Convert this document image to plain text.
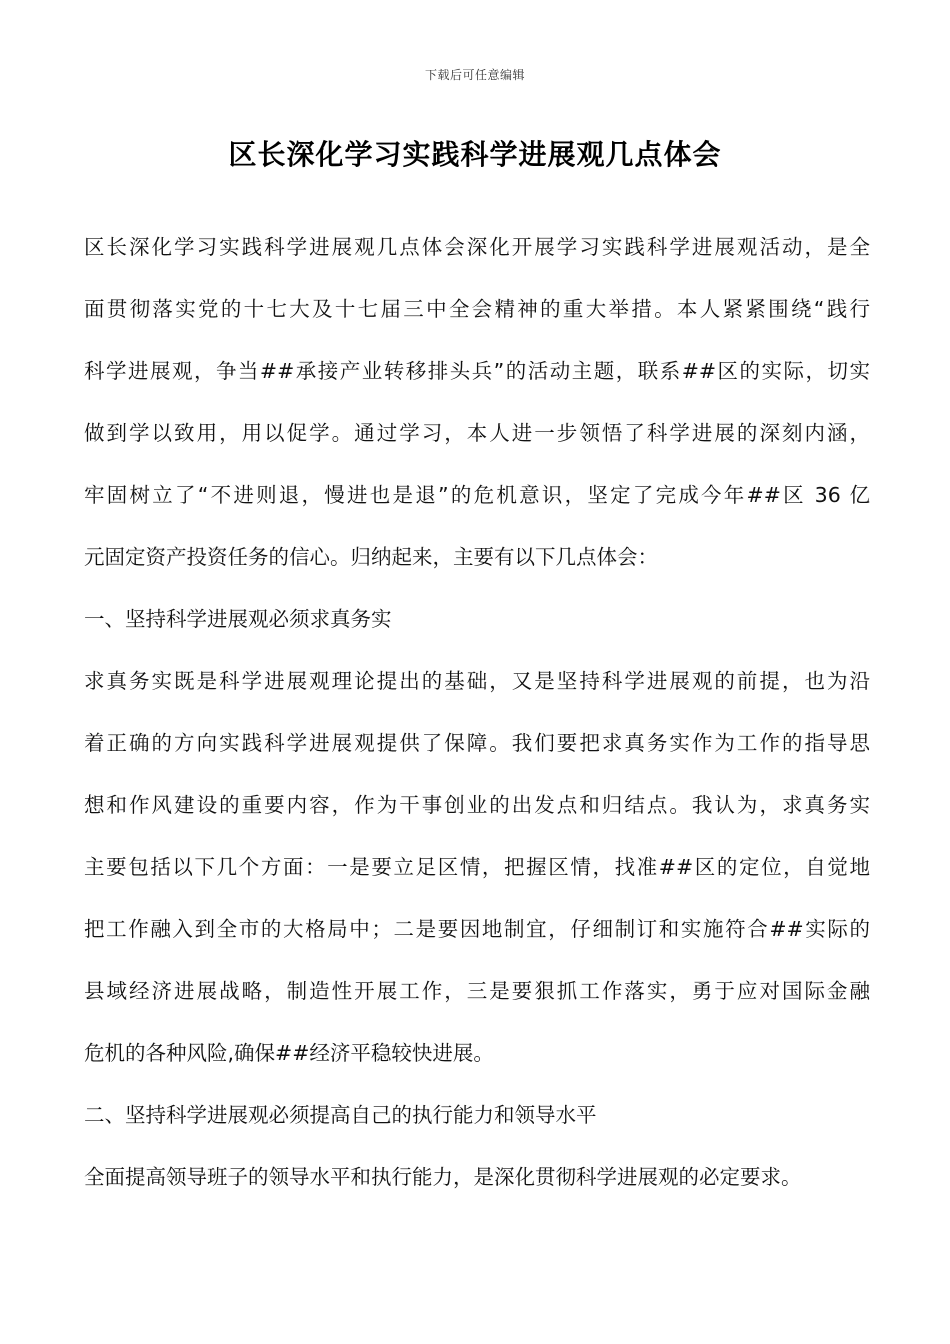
下载后可任意编辑
区长深化学习实践科学进展观几点体会
区长深化学习实践科学进展观几点体会深化开展学习实践科学进展观活动，是全
面贯彻落实党的十七大及十七届三中全会精神的重大举措。本人紧紧围绕“践行
科学进展观，争当##承接产业转移排头兵”的活动主题，联系##区的实际，切实
做到学以致用，用以促学。通过学习，本人进一步领悟了科学进展的深刻内涵，
牢固树立了“不进则退，慢进也是退”的危机意识，坚定了完成今年##区 36 亿
元固定资产投资任务的信心。归纳起来，主要有以下几点体会：
一、坚持科学进展观必须求真务实
求真务实既是科学进展观理论提出的基础，又是坚持科学进展观的前提，也为沿
着正确的方向实践科学进展观提供了保障。我们要把求真务实作为工作的指导思
想和作风建设的重要内容，作为干事创业的出发点和归结点。我认为，求真务实
主要包括以下几个方面：一是要立足区情，把握区情，找准##区的定位，自觉地
把工作融入到全市的大格局中；二是要因地制宜，仔细制订和实施符合##实际的
县域经济进展战略，制造性开展工作，三是要狠抓工作落实，勇于应对国际金融
危机的各种风险,确保##经济平稳较快进展。
二、坚持科学进展观必须提高自己的执行能力和领导水平
全面提高领导班子的领导水平和执行能力，是深化贯彻科学进展观的必定要求。
